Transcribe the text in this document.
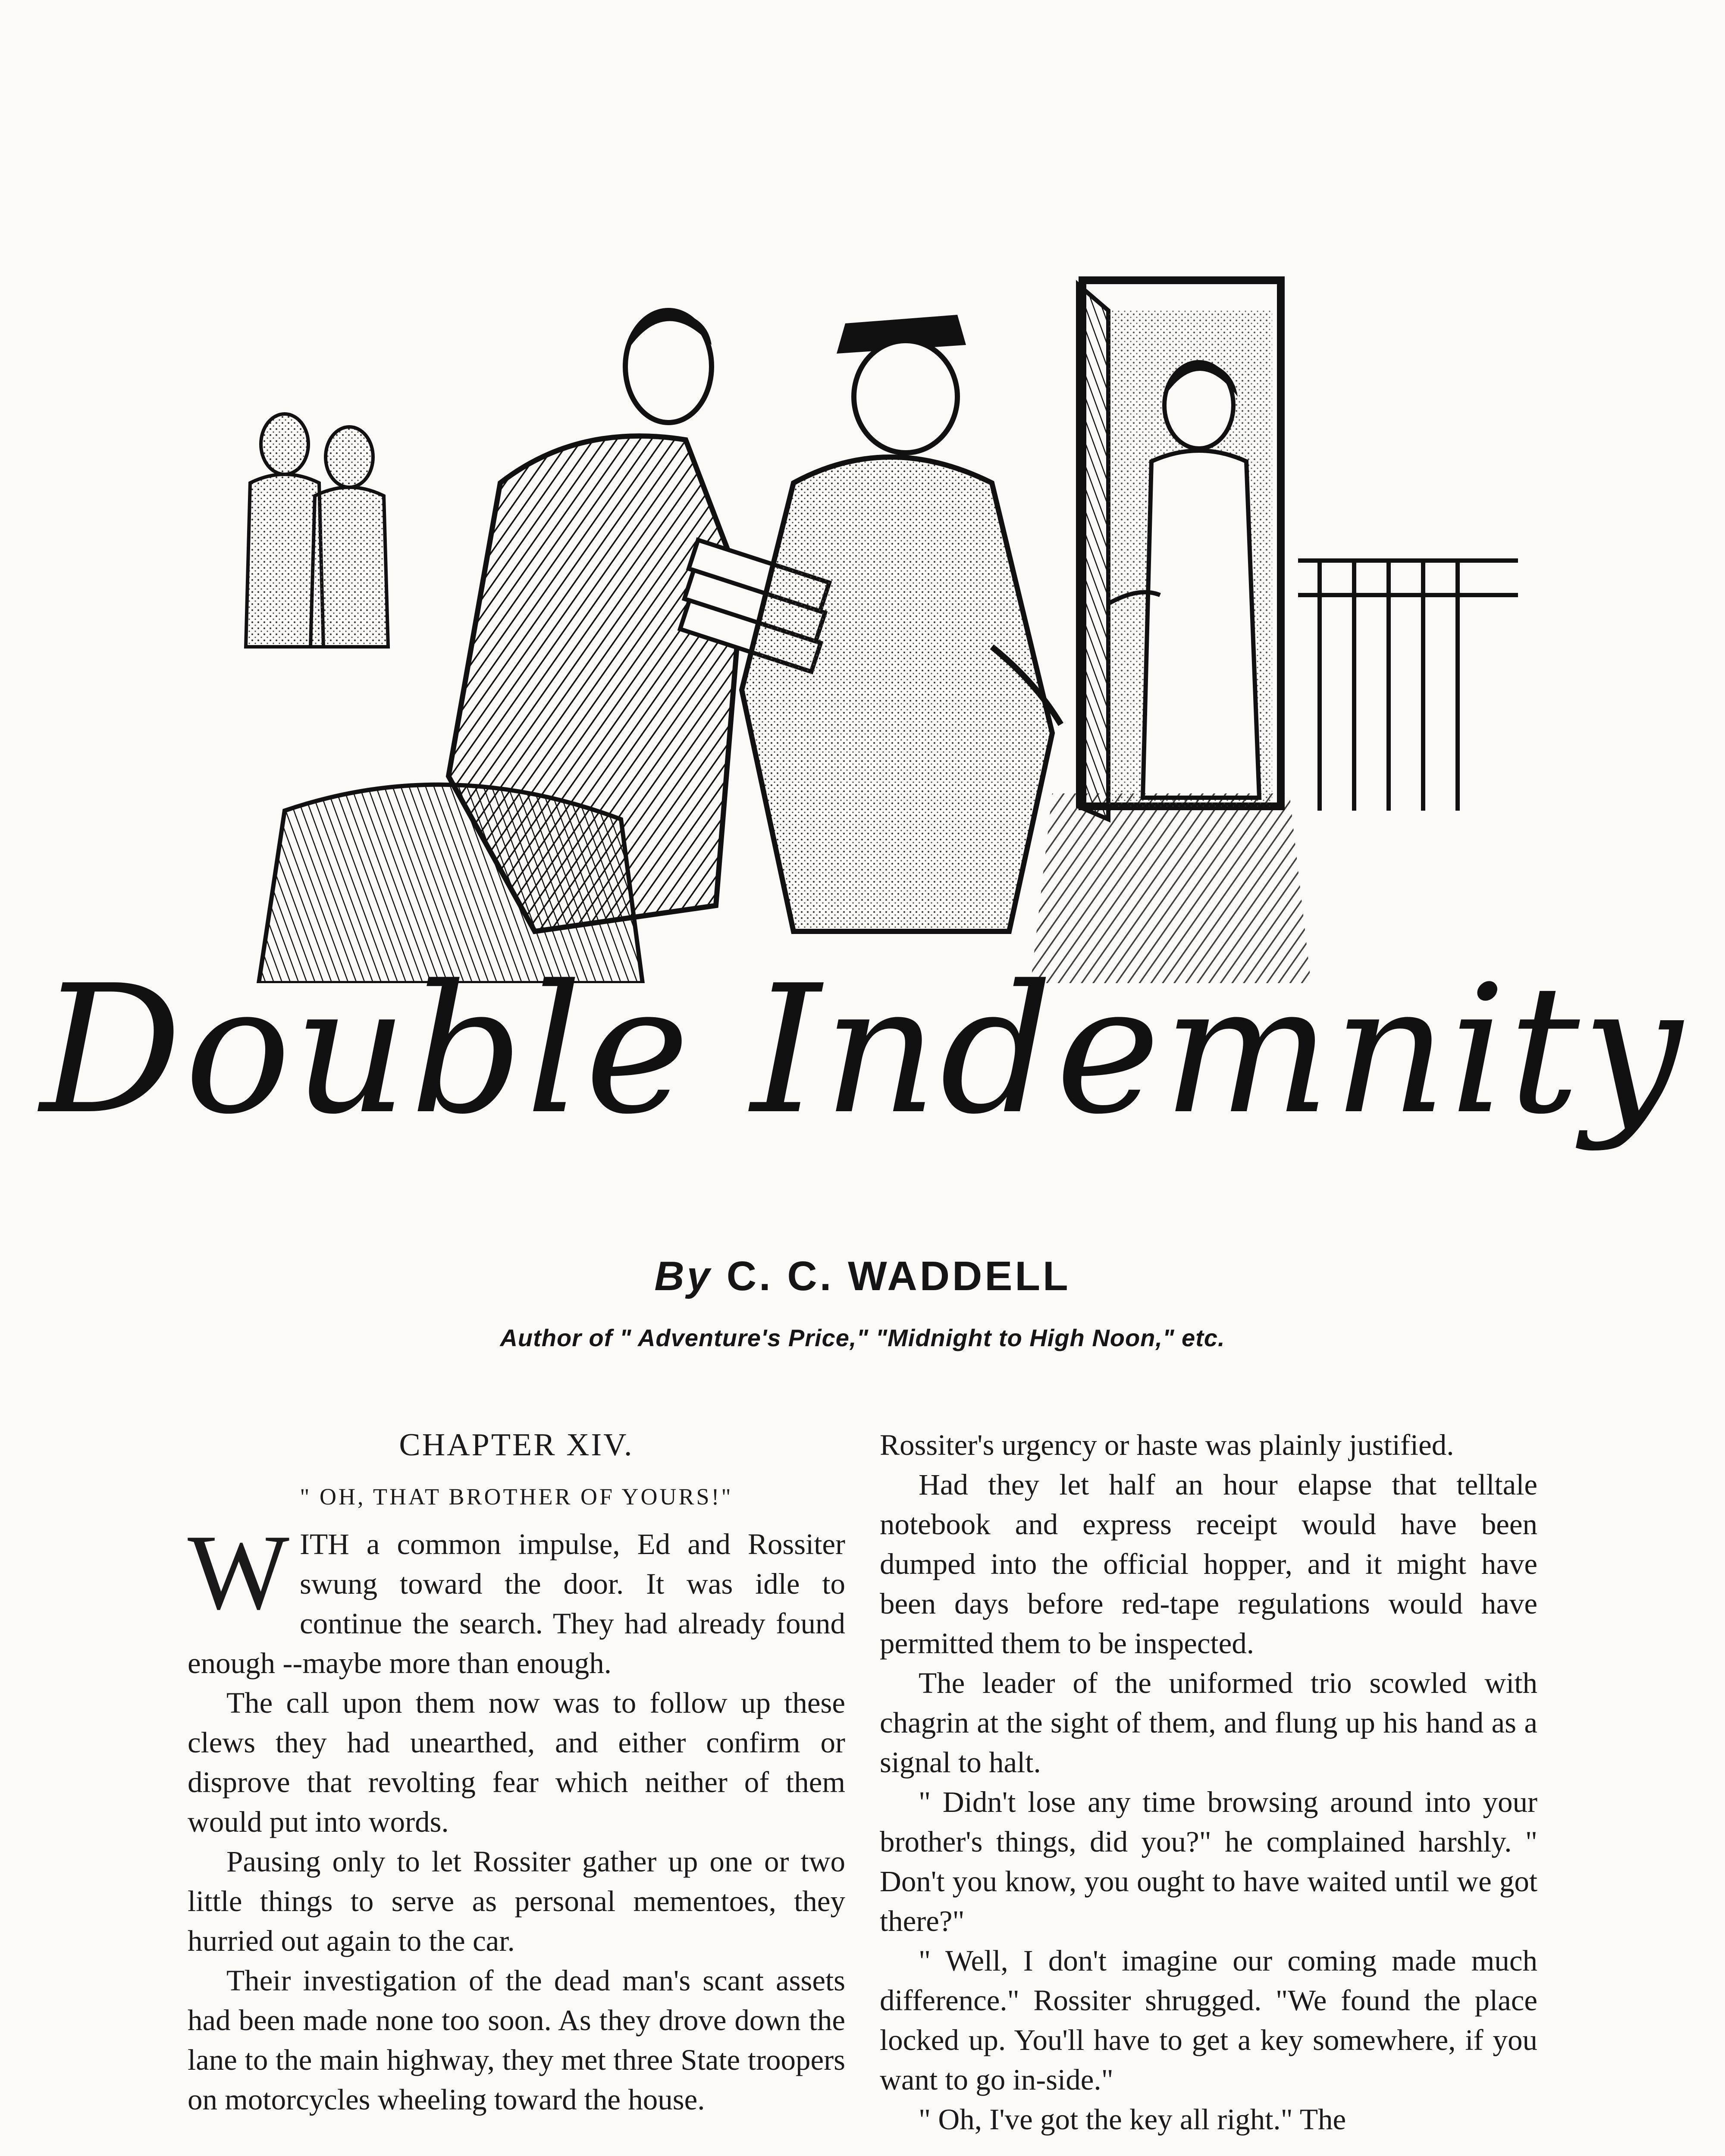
Double Indemnity
By C. C. WADDELL
Author of " Adventure's Price," "Midnight to High Noon," etc.
CHAPTER XIV.
" OH, THAT BROTHER OF YOURS!"

WITH a common impulse, Ed and Rossiter swung toward the door. It was idle to continue the search. They had already found enough --maybe more than enough.

The call upon them now was to follow up these clews they had unearthed, and either confirm or disprove that revolting fear which neither of them would put into words.

Pausing only to let Rossiter gather up one or two little things to serve as personal mementoes, they hurried out again to the car.

Their investigation of the dead man's scant assets had been made none too soon. As they drove down the lane to the main highway, they met three State troopers on motorcycles wheeling toward the house.

Rossiter's urgency or haste was plainly justified.

Had they let half an hour elapse that telltale notebook and express receipt would have been dumped into the official hopper, and it might have been days before red-tape regulations would have permitted them to be inspected.

The leader of the uniformed trio scowled with chagrin at the sight of them, and flung up his hand as a signal to halt.

" Didn't lose any time browsing around into your brother's things, did you?" he complained harshly. " Don't you know, you ought to have waited until we got there?"

" Well, I don't imagine our coming made much difference." Rossiter shrugged. "We found the place locked up. You'll have to get a key somewhere, if you want to go in-side."

" Oh, I've got the key all right." The
